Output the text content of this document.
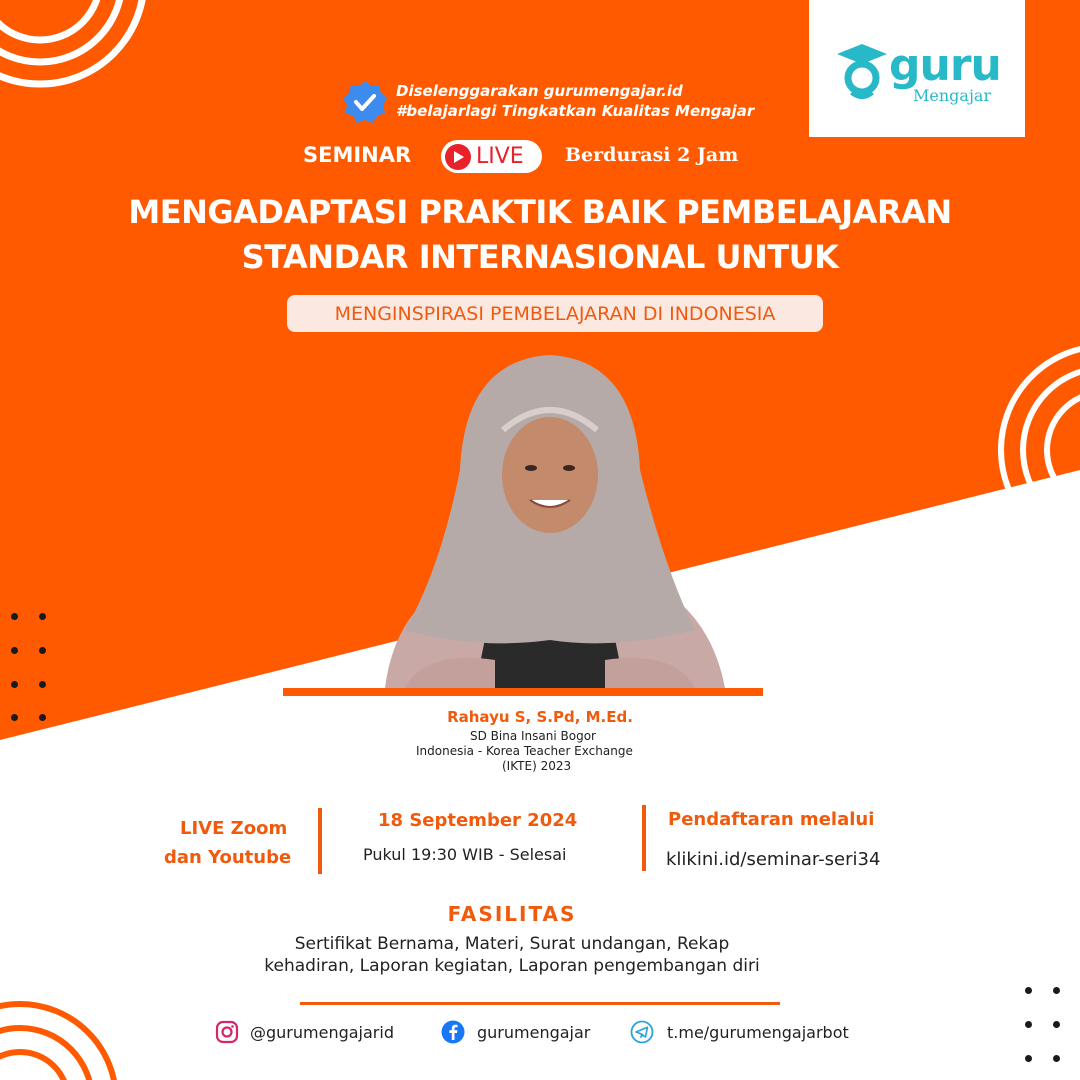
guru
Mengajar
Diselenggarakan gurumengajar.id
#belajarlagi Tingkatkan Kualitas Mengajar
SEMINAR	LIVE Berdurasi 2 Jam
MENGADAPTASI PRAKTIK BAIK PEMBELAJARAN
STANDAR INTERNASIONAL UNTUK
MENGINSPIRASI PEMBELAJARAN DI INDONESIA
Rahayu S, S.Pd, M.Ed.
SD Bina Insani Bogor
Indonesia - Korea Teacher Exchange
(IKTE) 2023
LIVE Zoom
dan Youtube
18 September 2024
Pukul 19:30 WIB - Selesai
Pendaftaran melalui
klikini.id/seminar-seri34
FASILITAS
Sertifikat Bernama, Materi, Surat undangan, Rekap
kehadiran, Laporan kegiatan, Laporan pengembangan diri
@gurumengajarid	gurumengajar	t.me/gurumengajarbot
